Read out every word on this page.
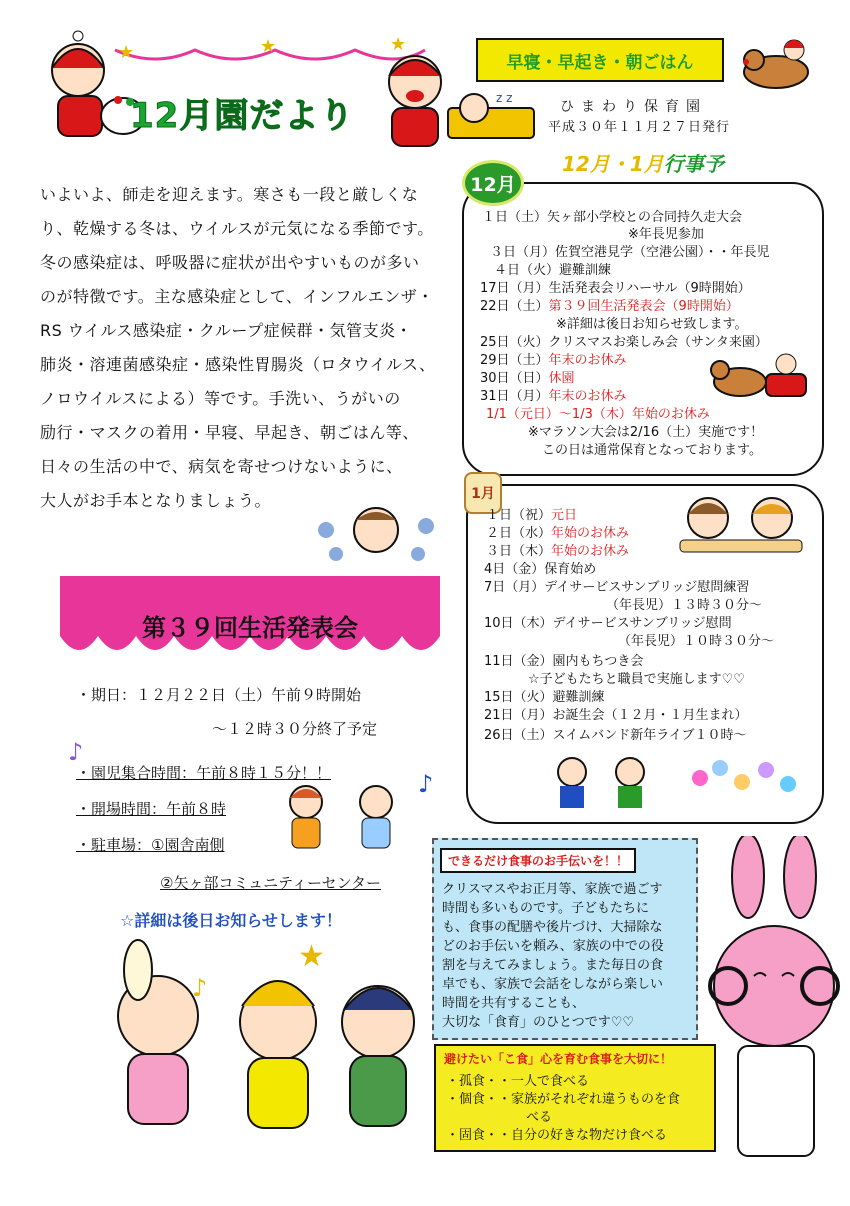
★	★	★
12月園だより
早寝・早起き・朝ごはん
z z
ひまわり保育園
平成３０年１１月２７日発行

いよいよ、師走を迎えます。寒さも一段と厳しくな

り、乾燥する冬は、ウイルスが元気になる季節です。

冬の感染症は、呼吸器に症状が出やすいものが多い

のが特徴です。主な感染症として、インフルエンザ・

RS ウイルス感染症・クループ症候群・気管支炎・

肺炎・溶連菌感染症・感染性胃腸炎（ロタウイルス、

ノロウイルスによる）等です。手洗い、うがいの

励行・マスクの着用・早寝、早起き、朝ごはん等、

日々の生活の中で、病気を寄せつけないように、

大人がお手本となりましょう。

12月・1月行事予
12月
１日（土）矢ヶ部小学校との合同持久走大会
※年長児参加
３日（月）佐賀空港見学（空港公園）・・年長児
４日（火）避難訓練
17日（月）生活発表会リハーサル（9時開始）
22日（土）第３９回生活発表会（9時開始）
※詳細は後日お知らせ致します。
25日（火）クリスマスお楽しみ会（サンタ来園）
29日（土）年末のお休み
30日（日）休園
31日（月）年末のお休み
1/1（元日）～1/3（木）年始のお休み
※マラソン大会は2/16（土）実施です！
この日は通常保育となっております。
1月
１日（祝）元日
２日（水）年始のお休み
３日（木）年始のお休み
4日（金）保育始め
7日（月）デイサービスサンブリッジ慰問練習
（年長児）１３時３０分～
10日（木）デイサービスサンブリッジ慰問
（年長児）１０時３０分～
11日（金）園内もちつき会
☆子どもたちと職員で実施します♡♡
15日（火）避難訓練
21日（月）お誕生会（１２月・１月生まれ）
26日（土）スイムバンド新年ライブ１０時～
第３９回生活発表会
・期日：１２月２２日（土）午前９時開始
～１２時３０分終了予定
・園児集合時間：午前８時１５分！！
・開場時間：午前８時
・駐車場：①園舎南側
②矢ヶ部コミュニティーセンター
☆詳細は後日お知らせします！
♪
♪
♪
★
できるだけ食事のお手伝いを！！

クリスマスやお正月等、家族で過ごす

時間も多いものです。子どもたちに

も、食事の配膳や後片づけ、大掃除な

どのお手伝いを頼み、家族の中での役

割を与えてみましょう。また毎日の食

卓でも、家族で会話をしながら楽しい

時間を共有することも、

大切な「食育」のひとつです♡♡

避けたい「こ食」心を育む食事を大切に！
・孤食・・一人で食べる
・個食・・家族がそれぞれ違うものを食
べる
・固食・・自分の好きな物だけ食べる
